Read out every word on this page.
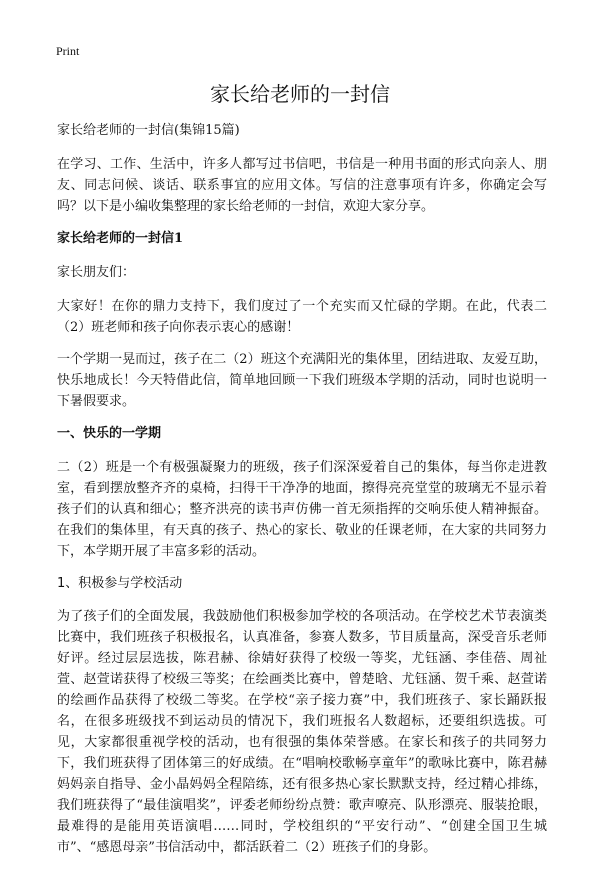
Print
家长给老师的一封信

家长给老师的一封信(集锦15篇)

在学习、工作、生活中，许多人都写过书信吧，书信是一种用书面的形式向亲人、朋友、同志问候、谈话、联系事宜的应用文体。写信的注意事项有许多，你确定会写吗？以下是小编收集整理的家长给老师的一封信，欢迎大家分享。

家长给老师的一封信1

家长朋友们：

大家好！在你的鼎力支持下，我们度过了一个充实而又忙碌的学期。在此，代表二（2）班老师和孩子向你表示衷心的感谢！

一个学期一晃而过，孩子在二（2）班这个充满阳光的集体里，团结进取、友爱互助，快乐地成长！今天特借此信，简单地回顾一下我们班级本学期的活动，同时也说明一下暑假要求。

一、快乐的一学期

二（2）班是一个有极强凝聚力的班级，孩子们深深爱着自己的集体，每当你走进教室，看到摆放整齐齐的桌椅，扫得干干净净的地面，擦得亮亮堂堂的玻璃无不显示着孩子们的认真和细心；整齐洪亮的读书声仿佛一首无须指挥的交响乐使人精神振奋。在我们的集体里，有天真的孩子、热心的家长、敬业的任课老师，在大家的共同努力下，本学期开展了丰富多彩的活动。

1、积极参与学校活动

为了孩子们的全面发展，我鼓励他们积极参加学校的各项活动。在学校艺术节表演类比赛中，我们班孩子积极报名，认真准备，参赛人数多，节目质量高，深受音乐老师好评。经过层层选拔，陈君赫、徐婧好获得了校级一等奖，尤钰涵、李佳蓓、周祉萱、赵萱诺获得了校级三等奖；在绘画类比赛中，曾楚晗、尤钰涵、贺千乘、赵萱诺的绘画作品获得了校级二等奖。在学校“亲子接力赛”中，我们班孩子、家长踊跃报名，在很多班级找不到运动员的情况下，我们班报名人数超标，还要组织选拔。可见，大家都很重视学校的活动，也有很强的集体荣誉感。在家长和孩子的共同努力下，我们班获得了团体第三的好成绩。在“唱响校歌畅享童年”的歌咏比赛中，陈君赫妈妈亲自指导、金小晶妈妈全程陪练，还有很多热心家长默默支持，经过精心排练，我们班获得了“最佳演唱奖”，评委老师纷纷点赞：歌声嘹亮、队形漂亮、服装抢眼，最难得的是能用英语演唱……同时，学校组织的“平安行动”、“创建全国卫生城市”、“感恩母亲”书信活动中，都活跃着二（2）班孩子们的身影。
